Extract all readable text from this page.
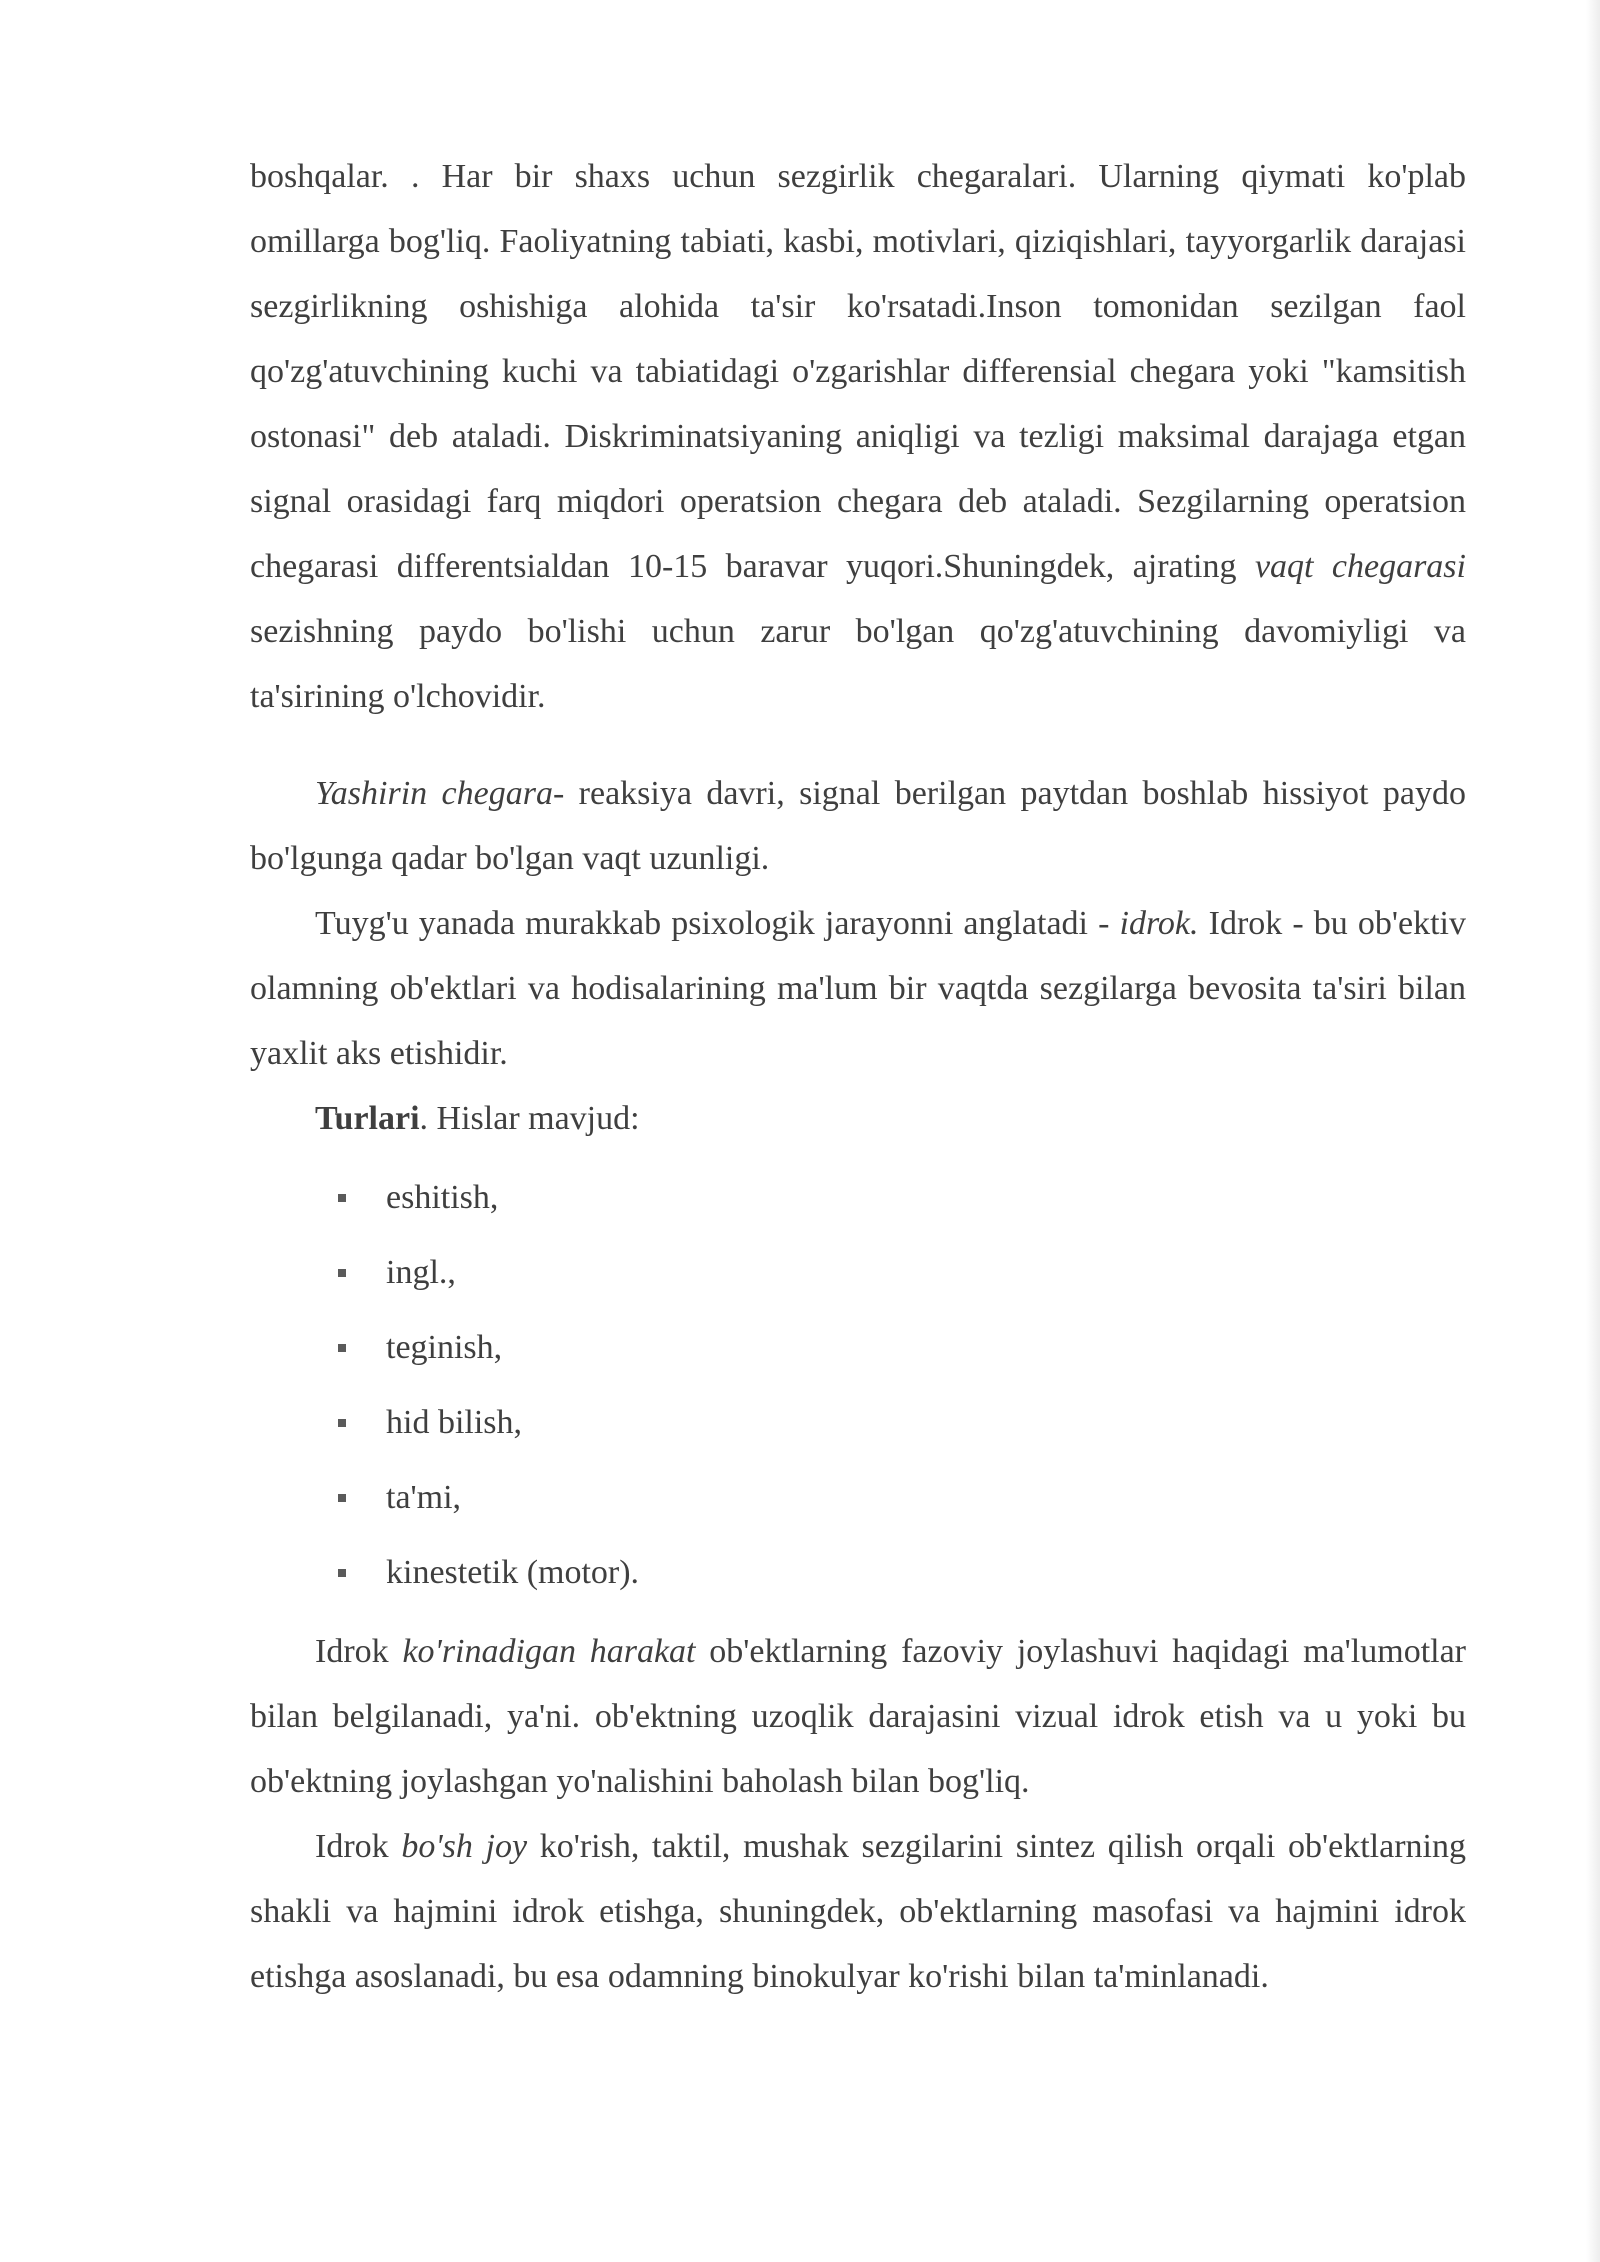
boshqalar. . Har bir shaxs uchun sezgirlik chegaralari. Ularning qiymati ko'plab omillarga bog'liq. Faoliyatning tabiati, kasbi, motivlari, qiziqishlari, tayyorgarlik darajasi sezgirlikning oshishiga alohida ta'sir ko'rsatadi.Inson tomonidan sezilgan faol qo'zg'atuvchining kuchi va tabiatidagi o'zgarishlar differensial chegara yoki "kamsitish ostonasi" deb ataladi. Diskriminatsiyaning aniqligi va tezligi maksimal darajaga etgan signal orasidagi farq miqdori operatsion chegara deb ataladi. Sezgilarning operatsion chegarasi differentsialdan 10-15 baravar yuqori.Shuningdek, ajrating vaqt chegarasi sezishning paydo bo'lishi uchun zarur bo'lgan qo'zg'atuvchining davomiyligi va ta'sirining o'lchovidir.

Yashirin chegara- reaksiya davri, signal berilgan paytdan boshlab hissiyot paydo bo'lgunga qadar bo'lgan vaqt uzunligi.

Tuyg'u yanada murakkab psixologik jarayonni anglatadi - idrok. Idrok - bu ob'ektiv olamning ob'ektlari va hodisalarining ma'lum bir vaqtda sezgilarga bevosita ta'siri bilan yaxlit aks etishidir.

Turlari. Hislar mavjud:

eshitish,
ingl.,
teginish,
hid bilish,
ta'mi,
kinestetik (motor).

Idrok ko'rinadigan harakat ob'ektlarning fazoviy joylashuvi haqidagi ma'lumotlar bilan belgilanadi, ya'ni. ob'ektning uzoqlik darajasini vizual idrok etish va u yoki bu ob'ektning joylashgan yo'nalishini baholash bilan bog'liq.

Idrok bo'sh joy ko'rish, taktil, mushak sezgilarini sintez qilish orqali ob'ektlarning shakli va hajmini idrok etishga, shuningdek, ob'ektlarning masofasi va hajmini idrok etishga asoslanadi, bu esa odamning binokulyar ko'rishi bilan ta'minlanadi.
